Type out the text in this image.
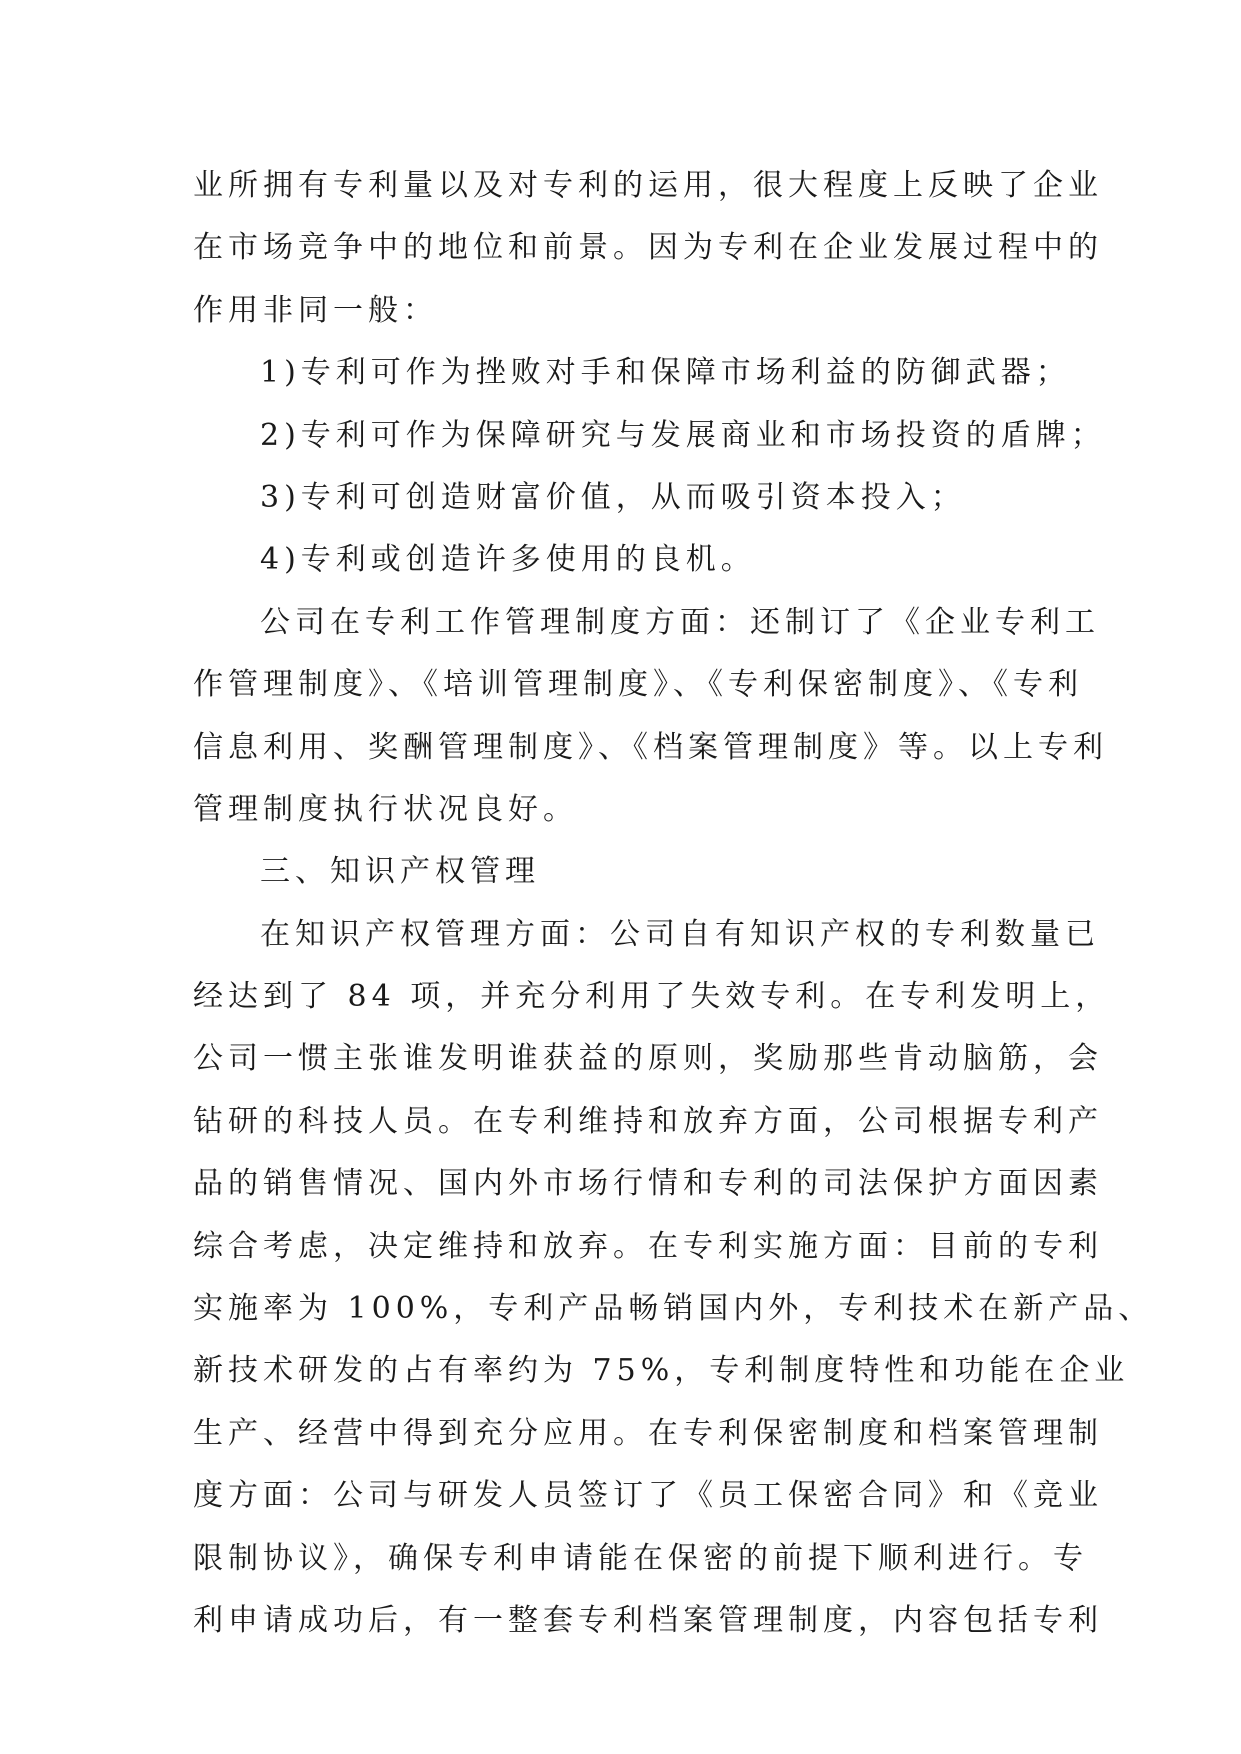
业所拥有专利量以及对专利的运用，很大程度上反映了企业
在市场竞争中的地位和前景。因为专利在企业发展过程中的
作用非同一般：
1)专利可作为挫败对手和保障市场利益的防御武器；
2)专利可作为保障研究与发展商业和市场投资的盾牌；
3)专利可创造财富价值，从而吸引资本投入；
4)专利或创造许多使用的良机。
公司在专利工作管理制度方面：还制订了《企业专利工
作管理制度》、《培训管理制度》、《专利保密制度》、《专利
信息利用、奖酬管理制度》、《档案管理制度》等。以上专利
管理制度执行状况良好。
三、知识产权管理
在知识产权管理方面：公司自有知识产权的专利数量已
经达到了 84 项，并充分利用了失效专利。在专利发明上，
公司一惯主张谁发明谁获益的原则，奖励那些肯动脑筋，会
钻研的科技人员。在专利维持和放弃方面，公司根据专利产
品的销售情况、国内外市场行情和专利的司法保护方面因素
综合考虑，决定维持和放弃。在专利实施方面：目前的专利
实施率为 100%，专利产品畅销国内外，专利技术在新产品、
新技术研发的占有率约为 75%，专利制度特性和功能在企业
生产、经营中得到充分应用。在专利保密制度和档案管理制
度方面：公司与研发人员签订了《员工保密合同》和《竞业
限制协议》，确保专利申请能在保密的前提下顺利进行。专
利申请成功后，有一整套专利档案管理制度，内容包括专利
